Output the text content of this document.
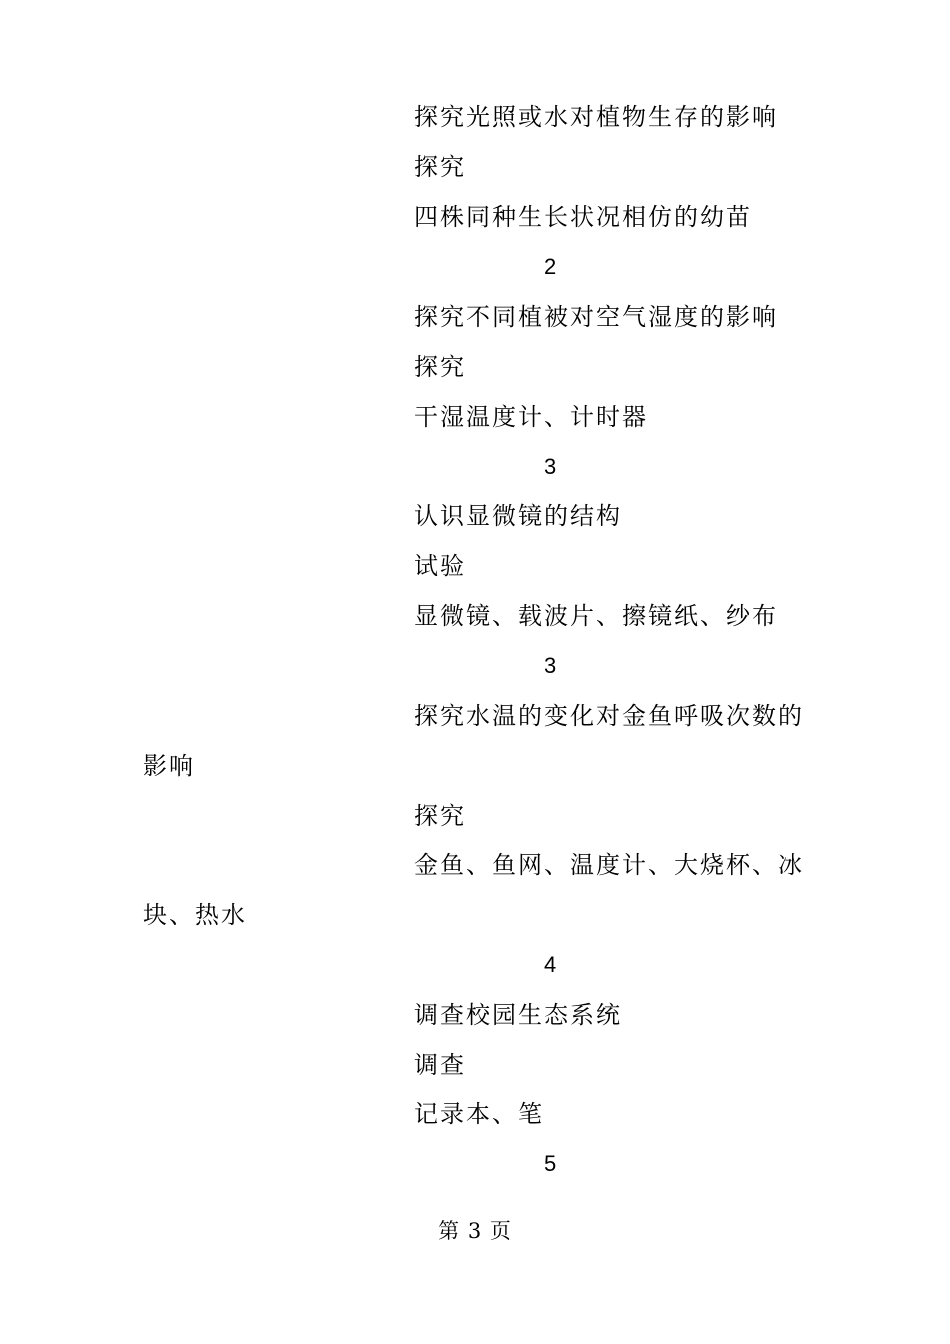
探究光照或水对植物生存的影响
探究
四株同种生长状况相仿的幼苗
2
探究不同植被对空气湿度的影响
探究
干湿温度计、计时器
3
认识显微镜的结构
试验
显微镜、载波片、擦镜纸、纱布
3
探究水温的变化对金鱼呼吸次数的
影响
探究
金鱼、鱼网、温度计、大烧杯、冰
块、热水
4
调查校园生态系统
调查
记录本、笔
5
第 3 页
